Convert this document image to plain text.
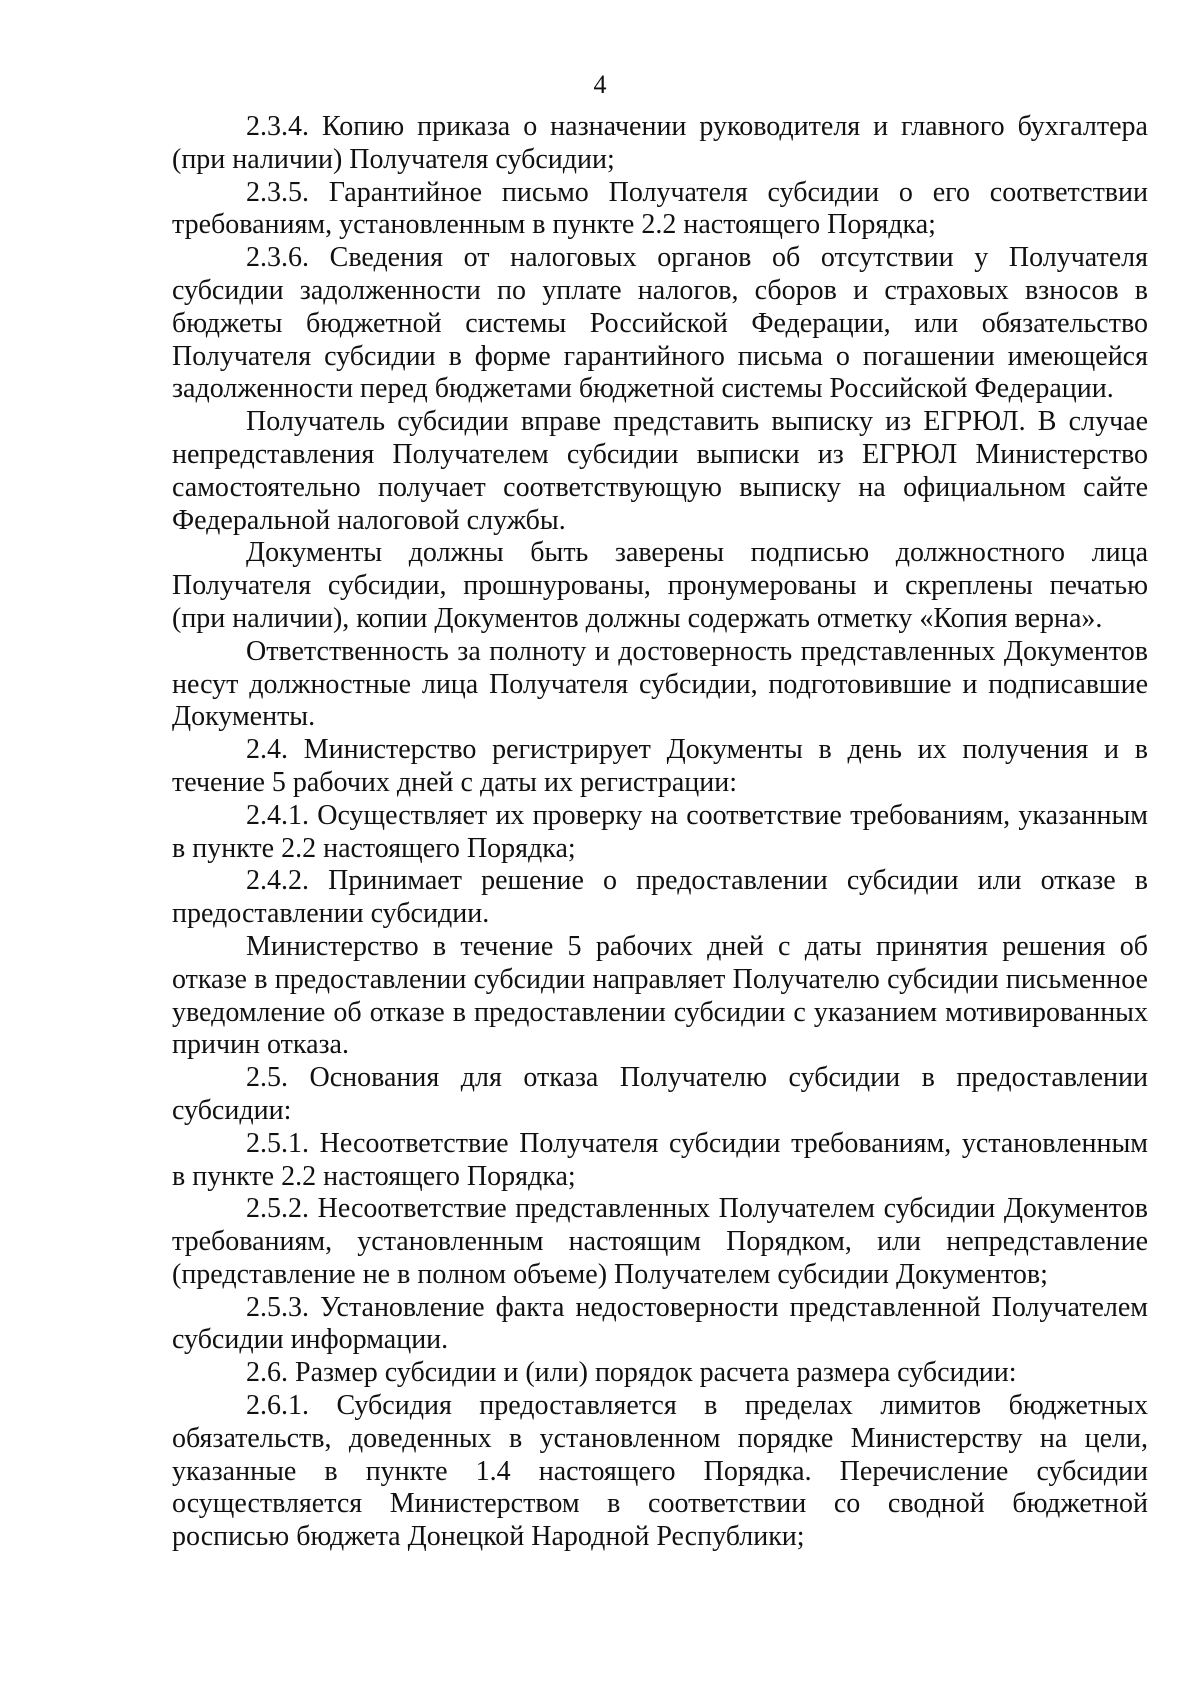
4

2.3.4. Копию приказа о назначении руководителя и главного бухгалтера (при наличии) Получателя субсидии;

2.3.5. Гарантийное письмо Получателя субсидии о его соответствии требованиям, установленным в пункте 2.2 настоящего Порядка;

2.3.6. Сведения от налоговых органов об отсутствии у Получателя субсидии задолженности по уплате налогов, сборов и страховых взносов в бюджеты бюджетной системы Российской Федерации, или обязательство Получателя субсидии в форме гарантийного письма о погашении имеющейся задолженности перед бюджетами бюджетной системы Российской Федерации.

Получатель субсидии вправе представить выписку из ЕГРЮЛ. В случае непредставления Получателем субсидии выписки из ЕГРЮЛ Министерство самостоятельно получает соответствующую выписку на официальном сайте Федеральной налоговой службы.

Документы должны быть заверены подписью должностного лица Получателя субсидии, прошнурованы, пронумерованы и скреплены печатью (при наличии), копии Документов должны содержать отметку «Копия верна».

Ответственность за полноту и достоверность представленных Документов несут должностные лица Получателя субсидии, подготовившие и подписавшие Документы.

2.4. Министерство регистрирует Документы в день их получения и в течение 5 рабочих дней с даты их регистрации:

2.4.1. Осуществляет их проверку на соответствие требованиям, указанным в пункте 2.2 настоящего Порядка;

2.4.2. Принимает решение о предоставлении субсидии или отказе в предоставлении субсидии.

Министерство в течение 5 рабочих дней с даты принятия решения об отказе в предоставлении субсидии направляет Получателю субсидии письменное уведомление об отказе в предоставлении субсидии с указанием мотивированных причин отказа.

2.5. Основания для отказа Получателю субсидии в предоставлении субсидии:

2.5.1. Несоответствие Получателя субсидии требованиям, установленным в пункте 2.2 настоящего Порядка;

2.5.2. Несоответствие представленных Получателем субсидии Документов требованиям, установленным настоящим Порядком, или непредставление (представление не в полном объеме) Получателем субсидии Документов;

2.5.3. Установление факта недостоверности представленной Получателем субсидии информации.

2.6. Размер субсидии и (или) порядок расчета размера субсидии:

2.6.1. Субсидия предоставляется в пределах лимитов бюджетных обязательств, доведенных в установленном порядке Министерству на цели, указанные в пункте 1.4 настоящего Порядка. Перечисление субсидии осуществляется Министерством в соответствии со сводной бюджетной росписью бюджета Донецкой Народной Республики;
